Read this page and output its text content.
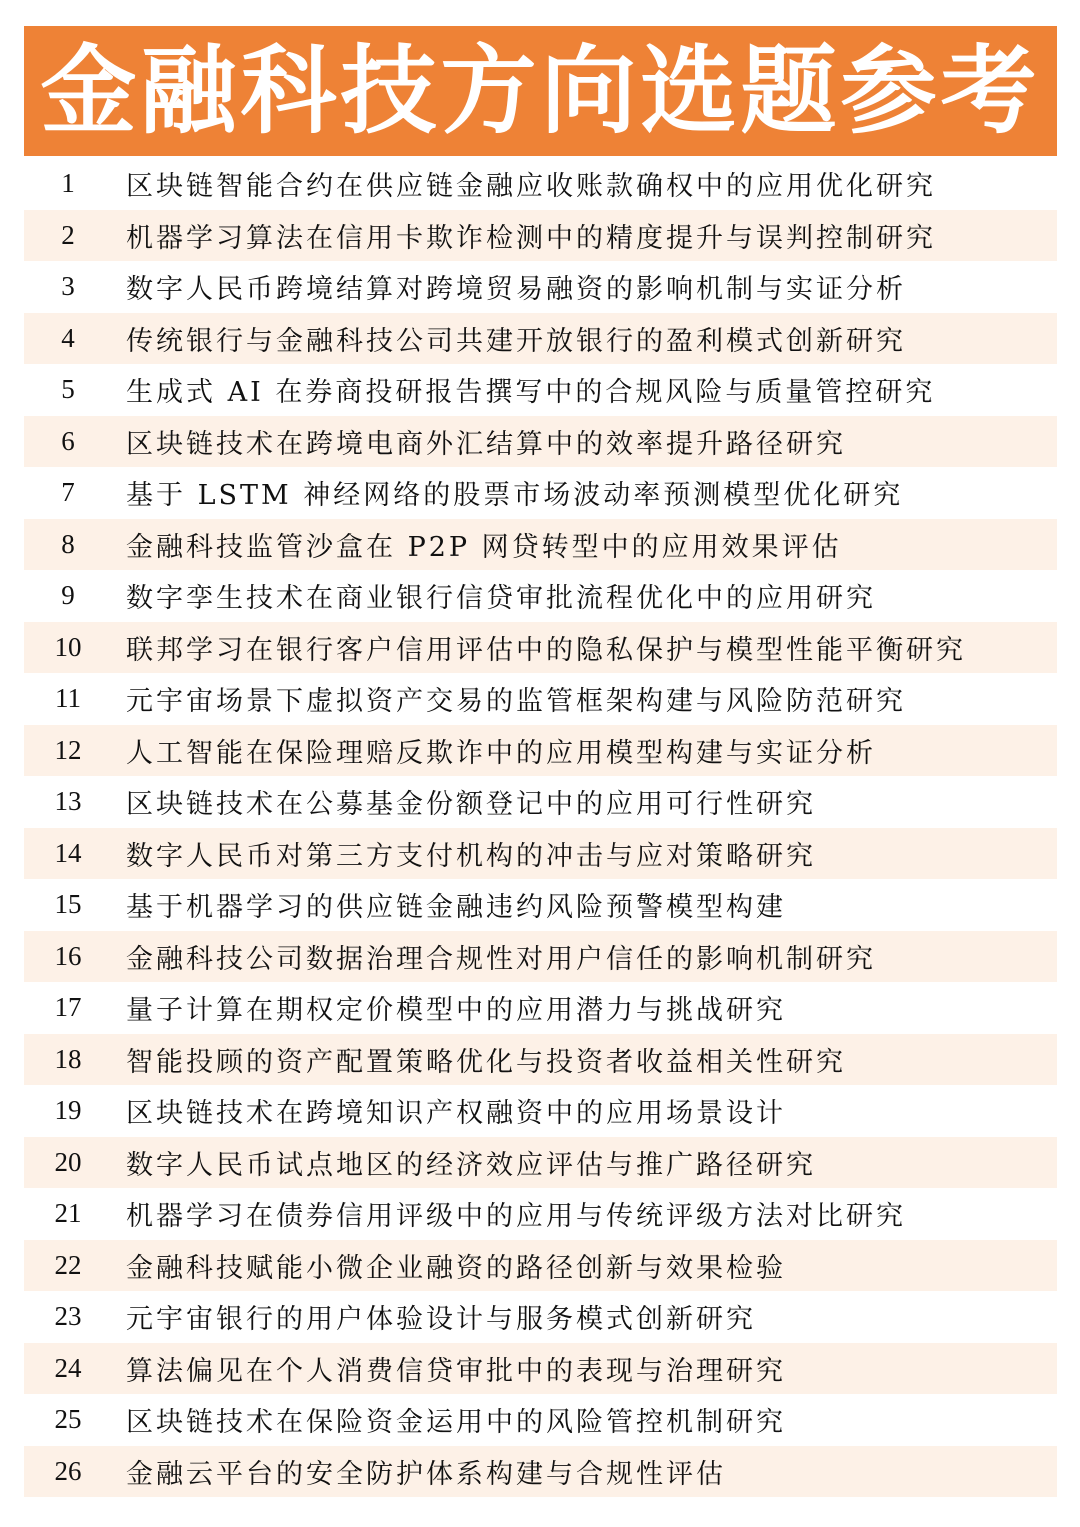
金融科技方向选题参考
1	区块链智能合约在供应链金融应收账款确权中的应用优化研究
2	机器学习算法在信用卡欺诈检测中的精度提升与误判控制研究
3	数字人民币跨境结算对跨境贸易融资的影响机制与实证分析
4	传统银行与金融科技公司共建开放银行的盈利模式创新研究
5	生成式 AI 在券商投研报告撰写中的合规风险与质量管控研究
6	区块链技术在跨境电商外汇结算中的效率提升路径研究
7	基于 LSTM 神经网络的股票市场波动率预测模型优化研究
8	金融科技监管沙盒在 P2P 网贷转型中的应用效果评估
9	数字孪生技术在商业银行信贷审批流程优化中的应用研究
10	联邦学习在银行客户信用评估中的隐私保护与模型性能平衡研究
11	元宇宙场景下虚拟资产交易的监管框架构建与风险防范研究
12	人工智能在保险理赔反欺诈中的应用模型构建与实证分析
13	区块链技术在公募基金份额登记中的应用可行性研究
14	数字人民币对第三方支付机构的冲击与应对策略研究
15	基于机器学习的供应链金融违约风险预警模型构建
16	金融科技公司数据治理合规性对用户信任的影响机制研究
17	量子计算在期权定价模型中的应用潜力与挑战研究
18	智能投顾的资产配置策略优化与投资者收益相关性研究
19	区块链技术在跨境知识产权融资中的应用场景设计
20	数字人民币试点地区的经济效应评估与推广路径研究
21	机器学习在债券信用评级中的应用与传统评级方法对比研究
22	金融科技赋能小微企业融资的路径创新与效果检验
23	元宇宙银行的用户体验设计与服务模式创新研究
24	算法偏见在个人消费信贷审批中的表现与治理研究
25	区块链技术在保险资金运用中的风险管控机制研究
26	金融云平台的安全防护体系构建与合规性评估
